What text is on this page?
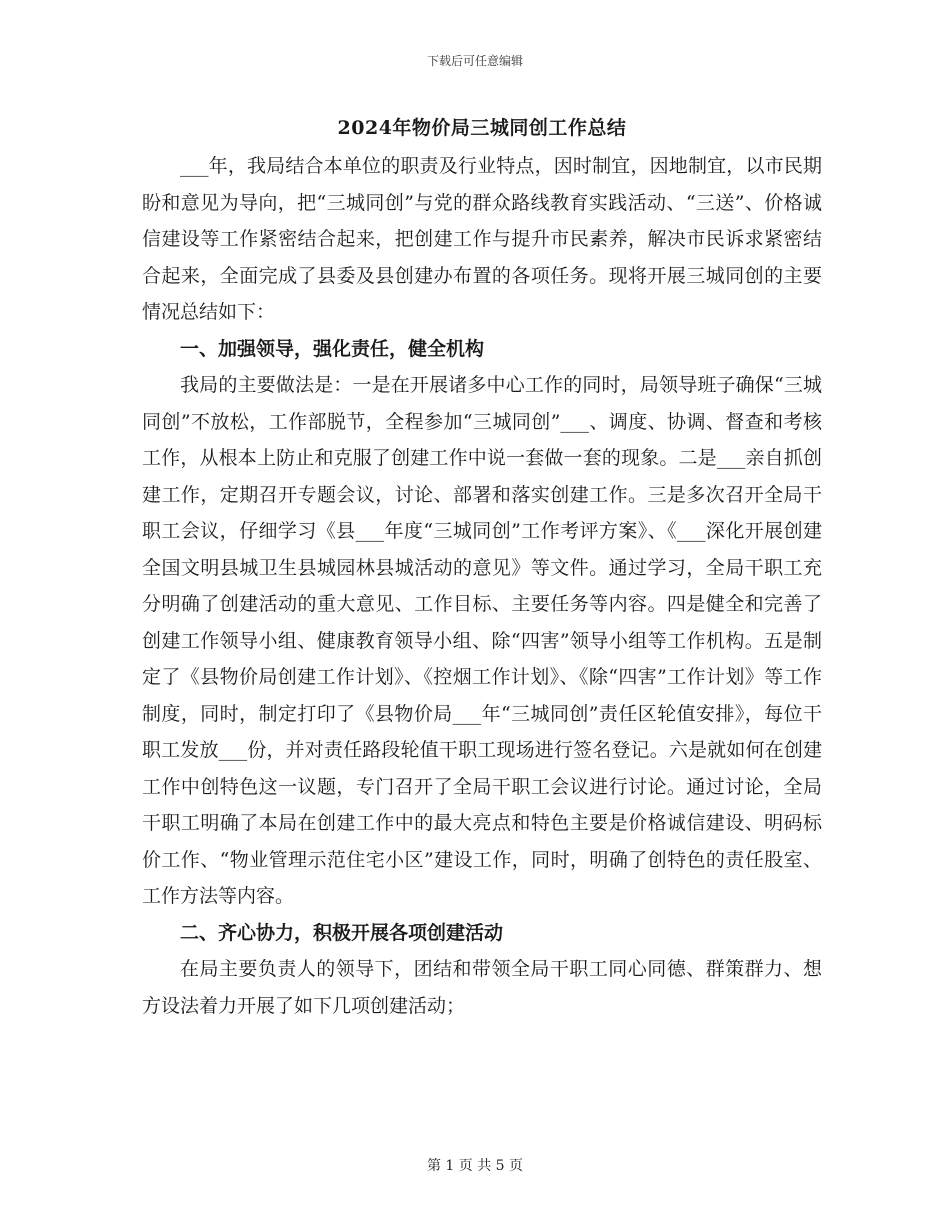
下载后可任意编辑
2024年物价局三城同创工作总结

___年，我局结合本单位的职责及行业特点，因时制宜，因地制宜，以市民期盼和意见为导向，把“三城同创”与党的群众路线教育实践活动、“三送”、价格诚信建设等工作紧密结合起来，把创建工作与提升市民素养，解决市民诉求紧密结合起来，全面完成了县委及县创建办布置的各项任务。现将开展三城同创的主要情况总结如下：

一、加强领导，强化责任，健全机构

我局的主要做法是：一是在开展诸多中心工作的同时，局领导班子确保“三城同创”不放松，工作部脱节，全程参加“三城同创”___、调度、协调、督查和考核工作，从根本上防止和克服了创建工作中说一套做一套的现象。二是___亲自抓创建工作，定期召开专题会议，讨论、部署和落实创建工作。三是多次召开全局干职工会议，仔细学习《县___年度“三城同创”工作考评方案》、《___深化开展创建全国文明县城卫生县城园林县城活动的意见》等文件。通过学习，全局干职工充分明确了创建活动的重大意见、工作目标、主要任务等内容。四是健全和完善了创建工作领导小组、健康教育领导小组、除“四害”领导小组等工作机构。五是制定了《县物价局创建工作计划》、《控烟工作计划》、《除“四害”工作计划》等工作制度，同时，制定打印了《县物价局___年“三城同创”责任区轮值安排》，每位干职工发放___份，并对责任路段轮值干职工现场进行签名登记。六是就如何在创建工作中创特色这一议题，专门召开了全局干职工会议进行讨论。通过讨论，全局干职工明确了本局在创建工作中的最大亮点和特色主要是价格诚信建设、明码标价工作、“物业管理示范住宅小区”建设工作，同时，明确了创特色的责任股室、工作方法等内容。

二、齐心协力，积极开展各项创建活动

在局主要负责人的领导下，团结和带领全局干职工同心同德、群策群力、想方设法着力开展了如下几项创建活动；

第 1 页 共 5 页
